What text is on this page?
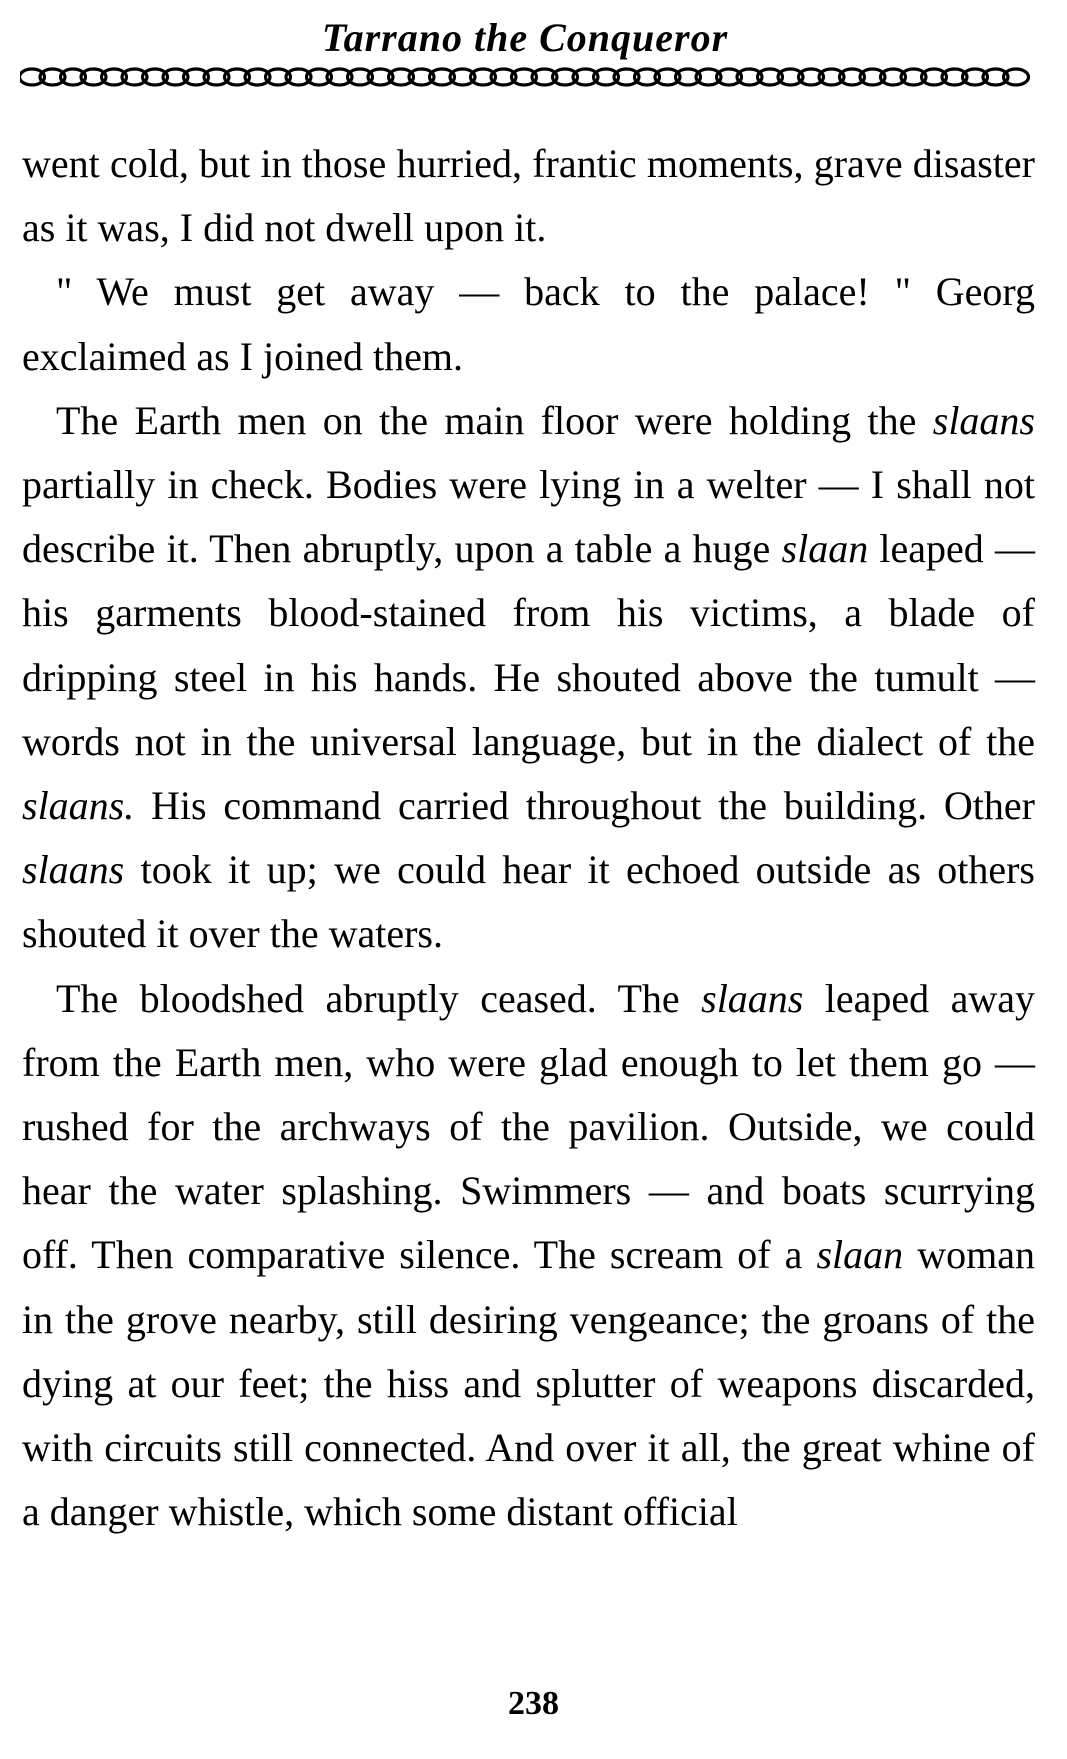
Tarrano the Conqueror

went cold, but in those hurried, frantic moments, grave disaster as it was, I did not dwell upon it.

" We must get away — back to the palace! " Georg exclaimed as I joined them.

The Earth men on the main floor were holding the slaans partially in check. Bodies were lying in a welter — I shall not describe it. Then abruptly, upon a table a huge slaan leaped — his garments blood-stained from his victims, a blade of dripping steel in his hands. He shouted above the tumult — words not in the universal language, but in the dialect of the slaans. His command carried throughout the building. Other slaans took it up; we could hear it echoed outside as others shouted it over the waters.

The bloodshed abruptly ceased. The slaans leaped away from the Earth men, who were glad enough to let them go — rushed for the archways of the pavilion. Outside, we could hear the water splashing. Swimmers — and boats scurrying off. Then comparative silence. The scream of a slaan woman in the grove nearby, still desiring vengeance; the groans of the dying at our feet; the hiss and splutter of weapons discarded, with circuits still connected. And over it all, the great whine of a danger whistle, which some distant official

238
